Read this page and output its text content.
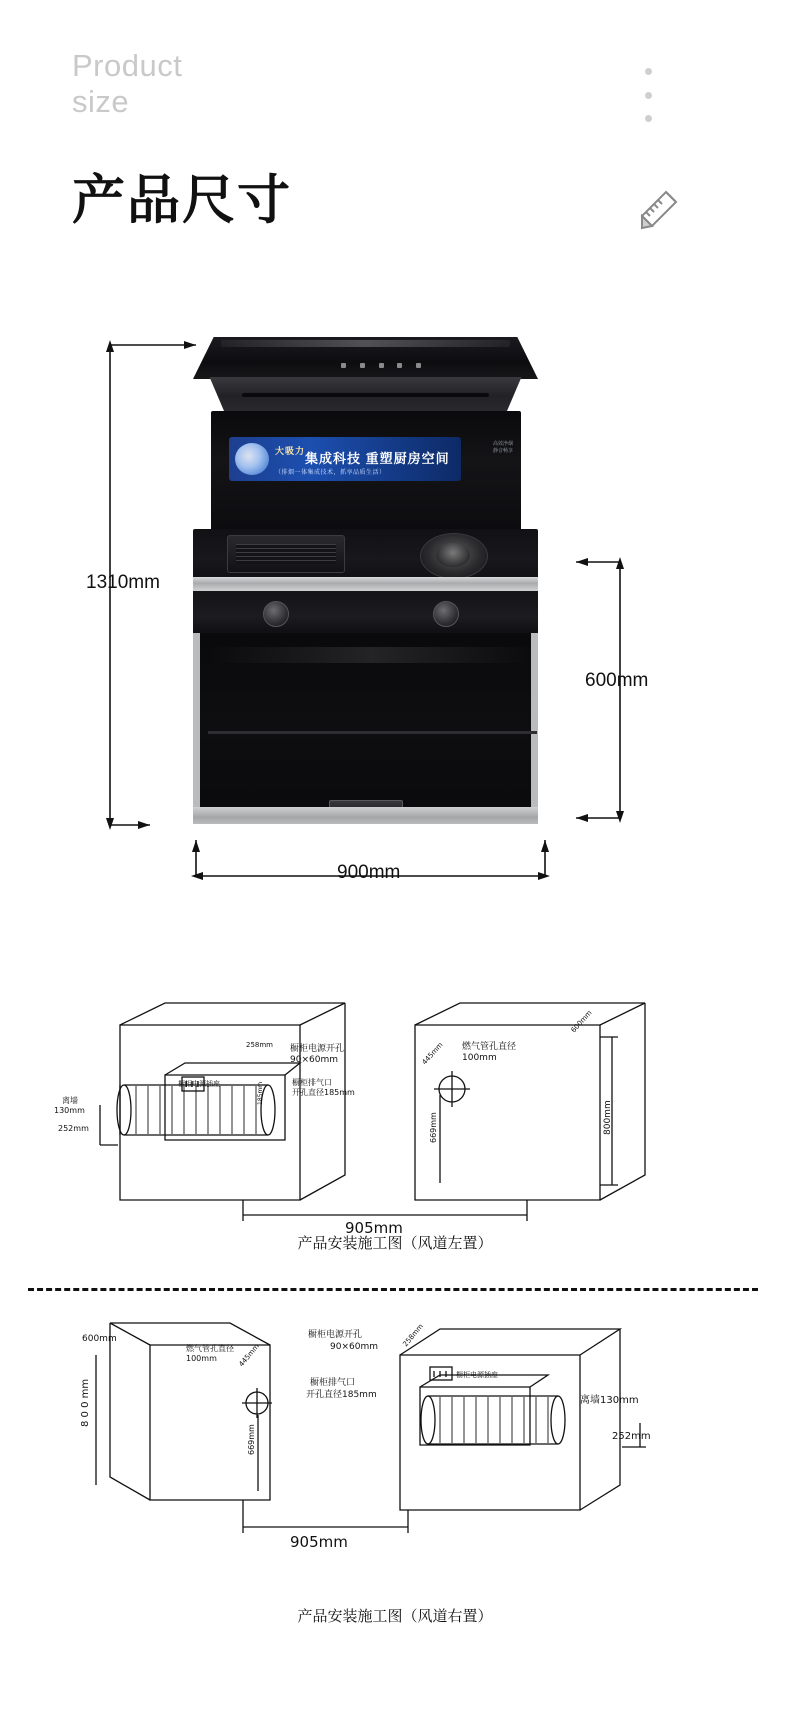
Product
size
产品尺寸
大吸力 集成科技 重塑厨房空间
（排烟一体集成技术，抓享品质生活）
高效净烟
静音畅享
1310mm
600mm
900mm
橱柜电源开孔
90×60mm
橱柜电源插座	橱柜排气口
开孔直径185mm
258mm
185mm
离墙
130mm
252mm
445mm 燃气管孔直径
100mm
600mm
669mm	800mm
905mm
产品安装施工图（风道左置）
600mm
8 0 0 mm
燃气管孔直径
100mm	445mm
669mm
橱柜电源开孔
90×60mm	258mm
橱柜电源插座
橱柜排气口
开孔直径185mm	离墙130mm
252mm
905mm
产品安装施工图（风道右置）
